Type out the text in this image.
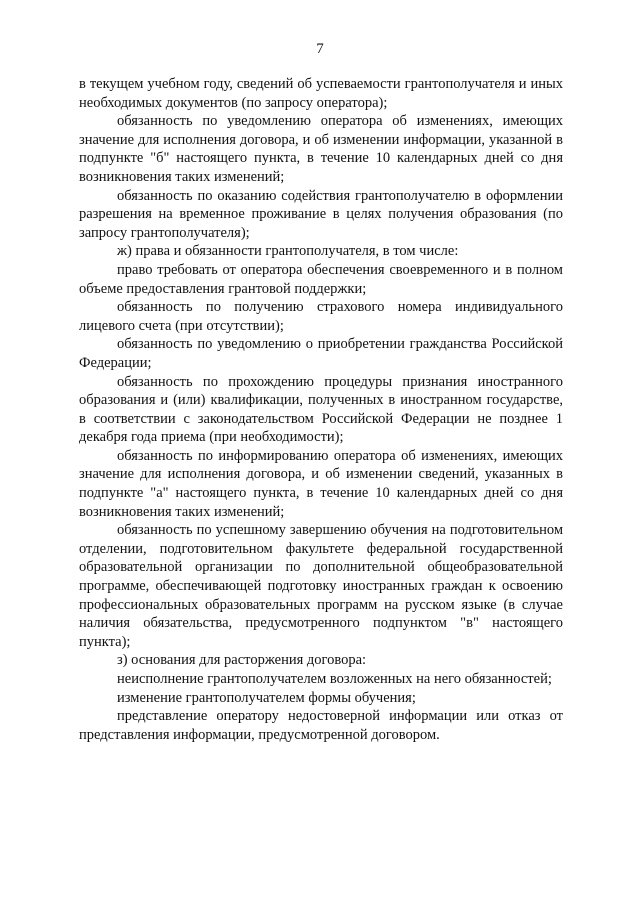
7

в текущем учебном году, сведений об успеваемости грантополучателя и иных необходимых документов (по запросу оператора);

обязанность по уведомлению оператора об изменениях, имеющих значение для исполнения договора, и об изменении информации, указанной в подпункте "б" настоящего пункта, в течение 10 календарных дней со дня возникновения таких изменений;

обязанность по оказанию содействия грантополучателю в оформлении разрешения на временное проживание в целях получения образования (по запросу грантополучателя);

ж) права и обязанности грантополучателя, в том числе:

право требовать от оператора обеспечения своевременного и в полном объеме предоставления грантовой поддержки;

обязанность по получению страхового номера индивидуального лицевого счета (при отсутствии);

обязанность по уведомлению о приобретении гражданства Российской Федерации;

обязанность по прохождению процедуры признания иностранного образования и (или) квалификации, полученных в иностранном государстве, в соответствии с законодательством Российской Федерации не позднее 1 декабря года приема (при необходимости);

обязанность по информированию оператора об изменениях, имеющих значение для исполнения договора, и об изменении сведений, указанных в подпункте "а" настоящего пункта, в течение 10 календарных дней со дня возникновения таких изменений;

обязанность по успешному завершению обучения на подготовительном отделении, подготовительном факультете федеральной государственной образовательной организации по дополнительной общеобразовательной программе, обеспечивающей подготовку иностранных граждан к освоению профессиональных образовательных программ на русском языке (в случае наличия обязательства, предусмотренного подпунктом "в" настоящего пункта);

з) основания для расторжения договора:

неисполнение грантополучателем возложенных на него обязанностей;

изменение грантополучателем формы обучения;

представление оператору недостоверной информации или отказ от представления информации, предусмотренной договором.
